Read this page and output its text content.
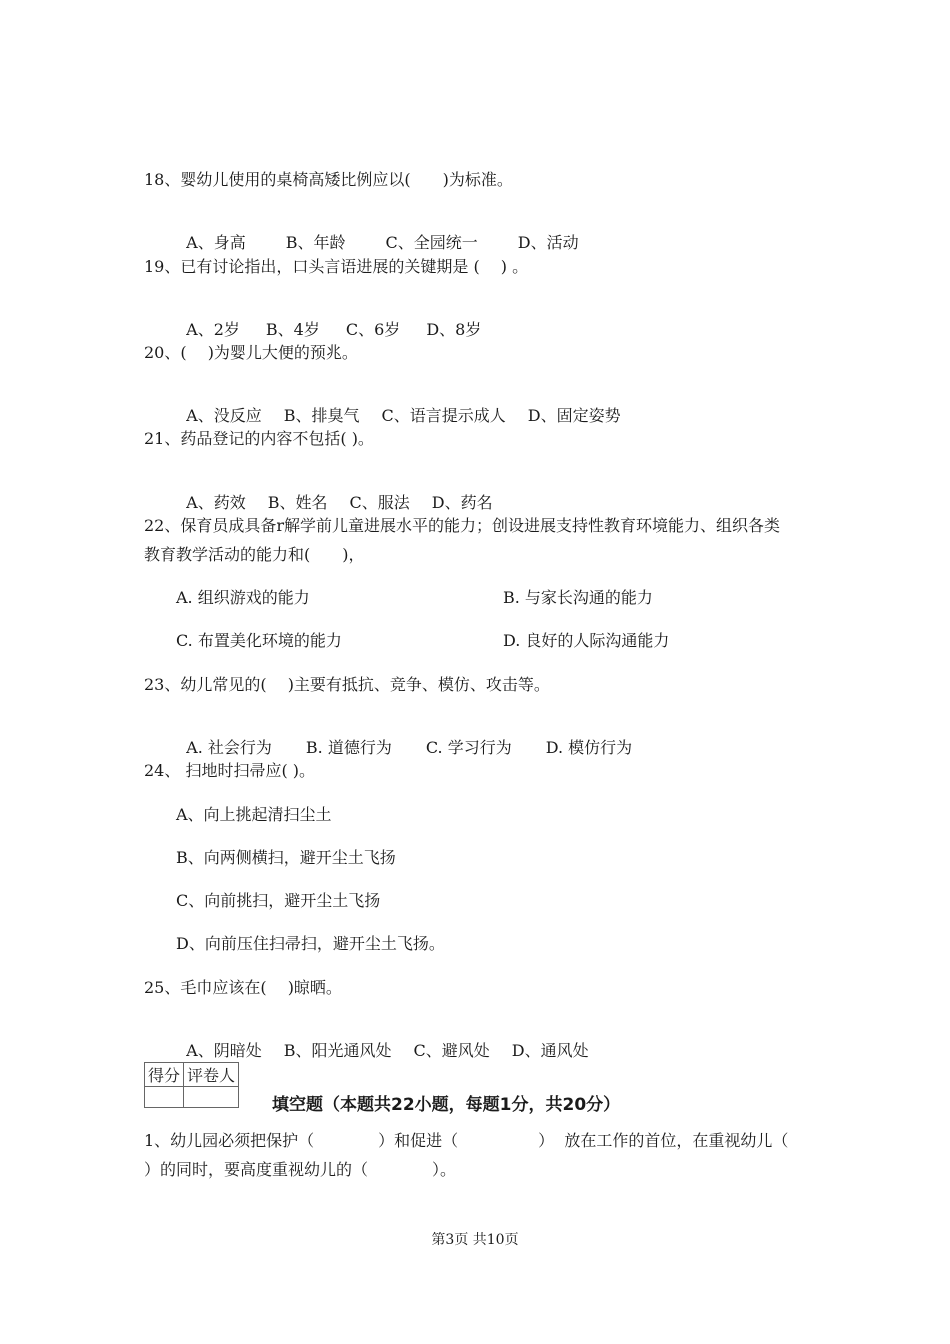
18、婴幼儿使用的桌椅高矮比例应以(　　)为标准。

A、身高	B、年龄	C、全园统一	D、活动

19、已有讨论指出，口头言语进展的关键期是 (　 ) 。

A、2岁 B、4岁 C、6岁 D、8岁

20、(　 )为婴儿大便的预兆。

A、没反应 B、排臭气 C、语言提示成人 D、固定姿势

21、药品登记的内容不包括( )。

A、药效 B、姓名 C、服法 D、药名

22、保育员成具备r解学前儿童进展水平的能力；创设进展支持性教育环境能力、组织各类
教育教学活动的能力和(　　)，
A. 组织游戏的能力	B. 与家长沟通的能力
C. 布置美化环境的能力	D. 良好的人际沟通能力
23、幼儿常见的(　 )主要有抵抗、竞争、模仿、攻击等。

A. 社会行为 B. 道德行为 C. 学习行为 D. 模仿行为

24、 扫地时扫帚应( )。
A、向上挑起清扫尘土
B、向两侧横扫，避开尘土飞扬
C、向前挑扫，避开尘土飞扬
D、向前压住扫帚扫，避开尘土飞扬。
25、毛巾应该在(　 )晾晒。

A、阴暗处 B、阳光通风处 C、避风处 D、通风处

得分	评卷人

填空题（本题共22小题，每题1分，共20分）
1、幼儿园必须把保护（　　　　）和促进（　　　　　）  放在工作的首位，在重视幼儿（
）的同时，要高度重视幼儿的（　　　　）。
第3页 共10页
